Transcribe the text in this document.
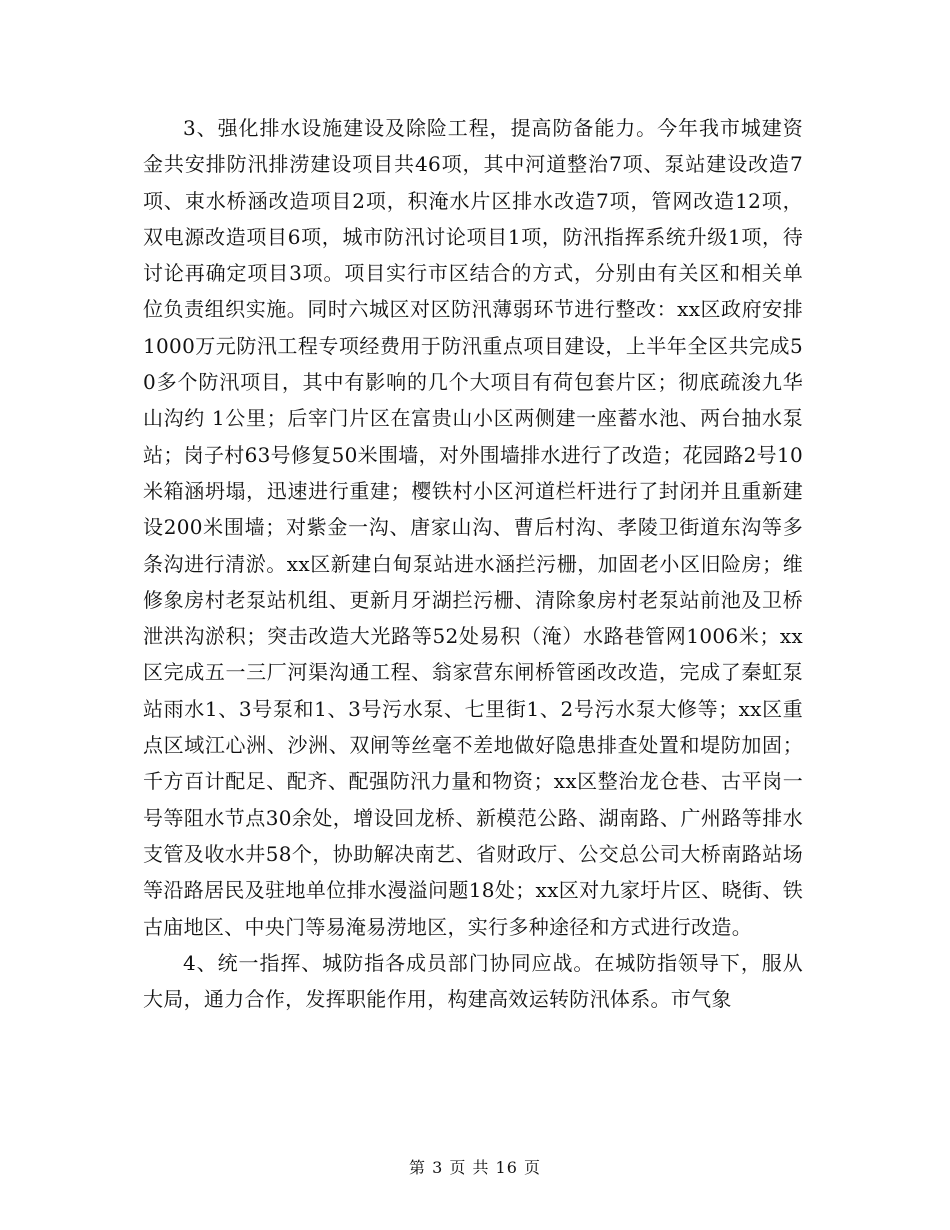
3、强化排水设施建设及除险工程，提高防备能力。今年我市城建资金共安排防汛排涝建设项目共46项，其中河道整治7项、泵站建设改造7项、束水桥涵改造项目2项，积淹水片区排水改造7项，管网改造12项，双电源改造项目6项，城市防汛讨论项目1项，防汛指挥系统升级1项，待讨论再确定项目3项。项目实行市区结合的方式，分别由有关区和相关单位负责组织实施。同时六城区对区防汛薄弱环节进行整改：xx区政府安排1000万元防汛工程专项经费用于防汛重点项目建设，上半年全区共完成50多个防汛项目，其中有影响的几个大项目有荷包套片区；彻底疏浚九华山沟约 1公里；后宰门片区在富贵山小区两侧建一座蓄水池、两台抽水泵站；岗子村63号修复50米围墙，对外围墙排水进行了改造；花园路2号10米箱涵坍塌，迅速进行重建；樱铁村小区河道栏杆进行了封闭并且重新建设200米围墙；对紫金一沟、唐家山沟、曹后村沟、孝陵卫街道东沟等多条沟进行清淤。xx区新建白甸泵站进水涵拦污栅，加固老小区旧险房；维修象房村老泵站机组、更新月牙湖拦污栅、清除象房村老泵站前池及卫桥泄洪沟淤积；突击改造大光路等52处易积（淹）水路巷管网1006米；xx区完成五一三厂河渠沟通工程、翁家营东闸桥管函改改造，完成了秦虹泵站雨水1、3号泵和1、3号污水泵、七里街1、2号污水泵大修等；xx区重点区域江心洲、沙洲、双闸等丝毫不差地做好隐患排查处置和堤防加固；千方百计配足、配齐、配强防汛力量和物资；xx区整治龙仓巷、古平岗一号等阻水节点30余处，增设回龙桥、新模范公路、湖南路、广州路等排水支管及收水井58个，协助解决南艺、省财政厅、公交总公司大桥南路站场等沿路居民及驻地单位排水漫溢问题18处；xx区对九家圩片区、晓街、铁古庙地区、中央门等易淹易涝地区，实行多种途径和方式进行改造。

4、统一指挥、城防指各成员部门协同应战。在城防指领导下，服从大局，通力合作，发挥职能作用，构建高效运转防汛体系。市气象

第 3 页 共 16 页
